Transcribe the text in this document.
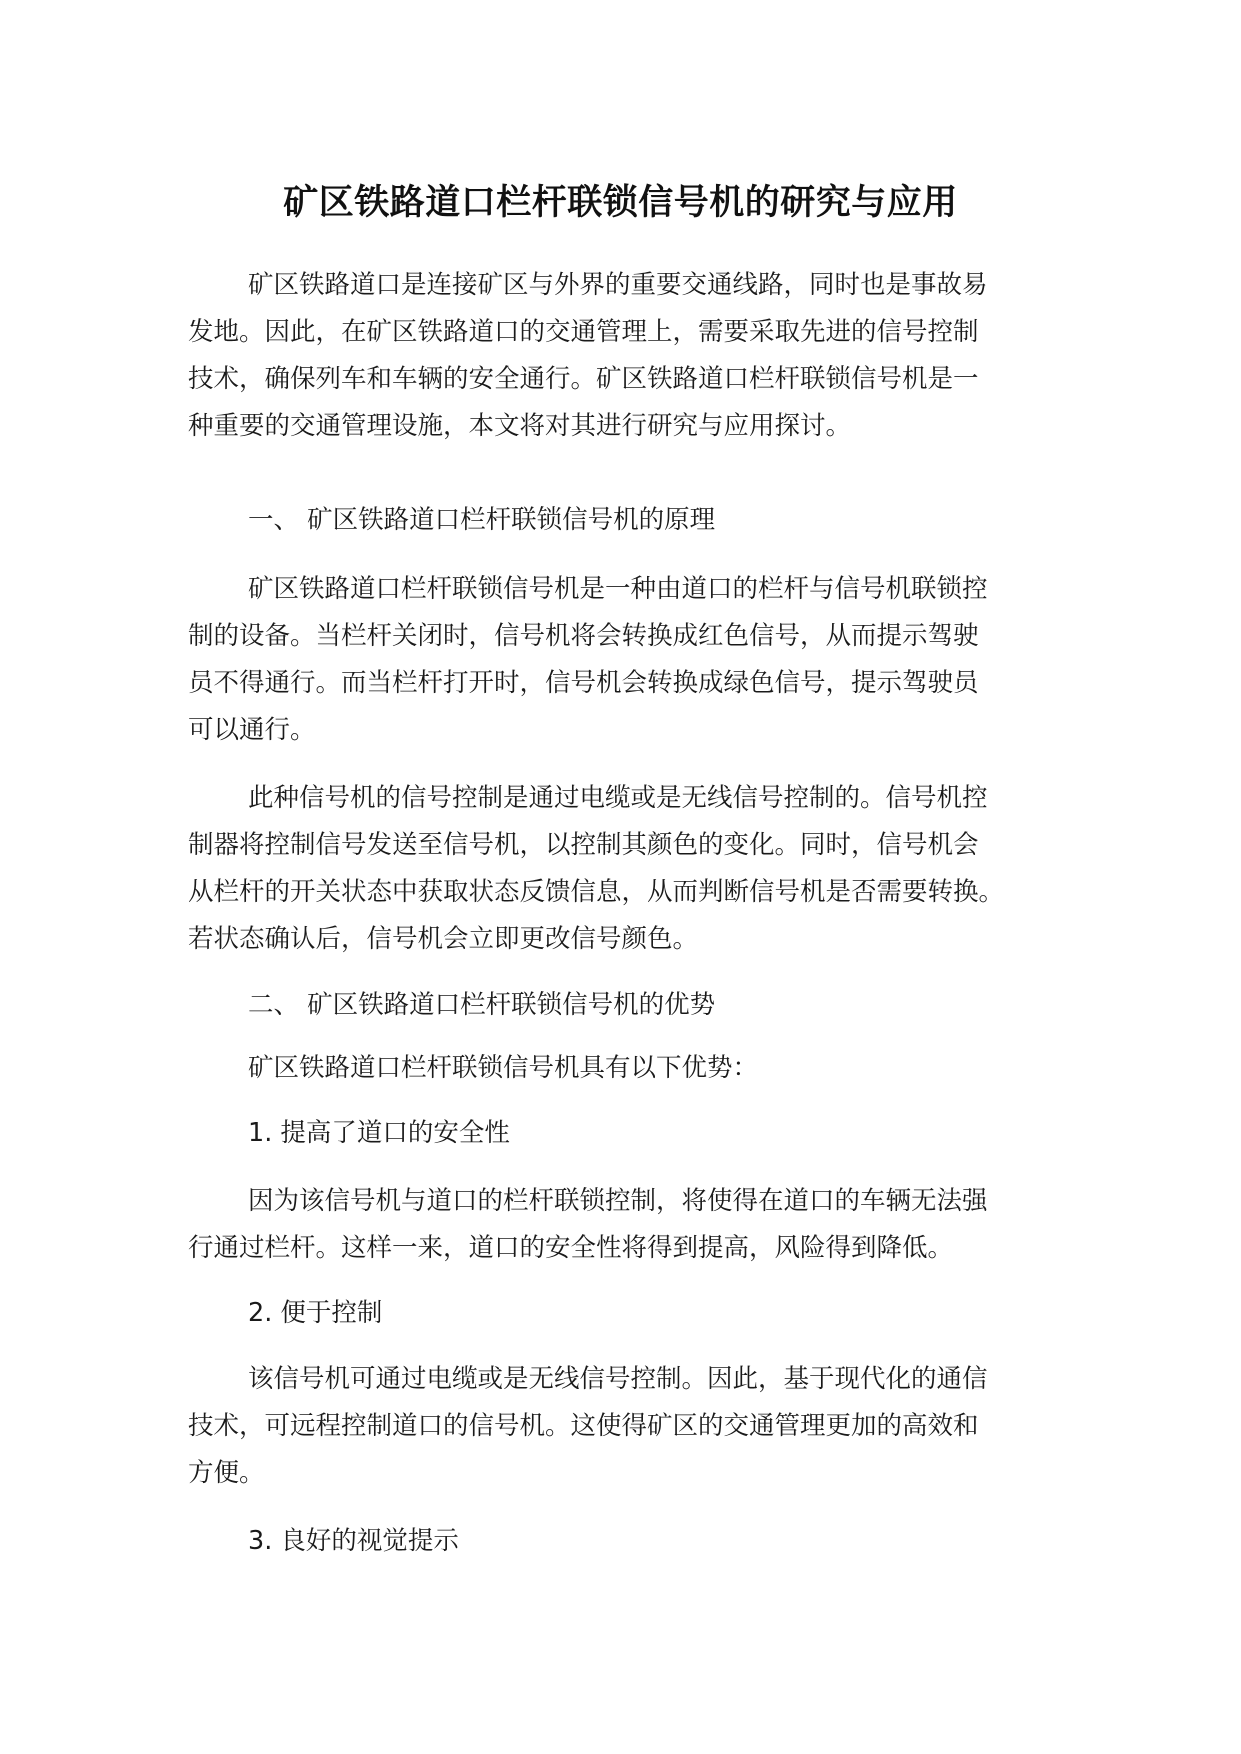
矿区铁路道口栏杆联锁信号机的研究与应用

矿区铁路道口是连接矿区与外界的重要交通线路，同时也是事故易
发地。因此，在矿区铁路道口的交通管理上，需要采取先进的信号控制
技术，确保列车和车辆的安全通行。矿区铁路道口栏杆联锁信号机是一
种重要的交通管理设施，本文将对其进行研究与应用探讨。

一、 矿区铁路道口栏杆联锁信号机的原理

矿区铁路道口栏杆联锁信号机是一种由道口的栏杆与信号机联锁控
制的设备。当栏杆关闭时，信号机将会转换成红色信号，从而提示驾驶
员不得通行。而当栏杆打开时，信号机会转换成绿色信号，提示驾驶员
可以通行。

此种信号机的信号控制是通过电缆或是无线信号控制的。信号机控
制器将控制信号发送至信号机，以控制其颜色的变化。同时，信号机会
从栏杆的开关状态中获取状态反馈信息，从而判断信号机是否需要转换。
若状态确认后，信号机会立即更改信号颜色。

二、 矿区铁路道口栏杆联锁信号机的优势

矿区铁路道口栏杆联锁信号机具有以下优势：

1. 提高了道口的安全性

因为该信号机与道口的栏杆联锁控制，将使得在道口的车辆无法强
行通过栏杆。这样一来，道口的安全性将得到提高，风险得到降低。

2. 便于控制

该信号机可通过电缆或是无线信号控制。因此，基于现代化的通信
技术，可远程控制道口的信号机。这使得矿区的交通管理更加的高效和
方便。

3. 良好的视觉提示
